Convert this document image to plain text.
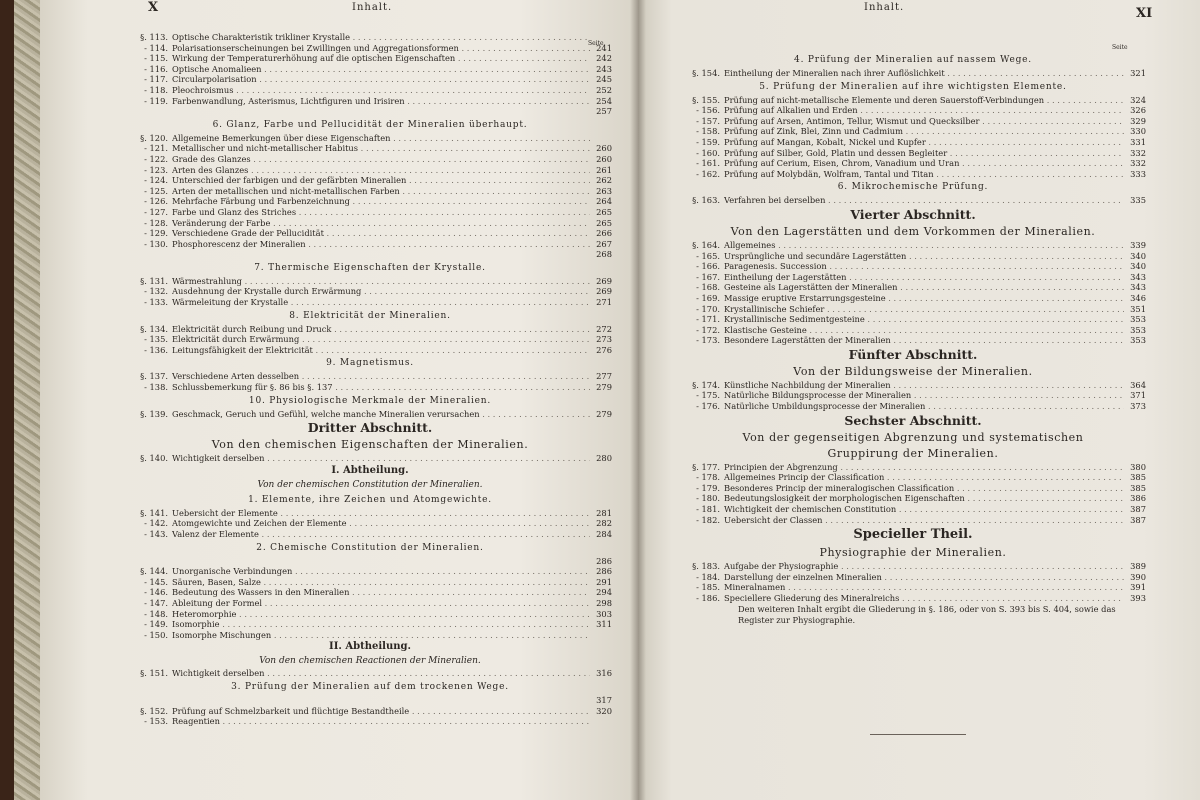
X	Inhalt.
Seite
§. 113. Optische Charakteristik trikliner Krystalle . . .
- 114. Polarisationserscheinungen bei Zwillingen und Aggregationsformen . . .	241
- 115. Wirkung der Temperaturerhöhung auf die optischen Eigenschaften . . .	242
- 116. Optische Anomalieen . . .	243
- 117. Circularpolarisation . . .	245
- 118. Pleochroismus . . .	252
- 119. Farbenwandlung, Asterismus, Lichtfiguren und Irisiren . . .	254
257
6. Glanz, Farbe und Pellucidität der Mineralien überhaupt.
§. 120. Allgemeine Bemerkungen über diese Eigenschaften . . .
- 121. Metallischer und nicht-metallischer Habitus . . .	260
- 122. Grade des Glanzes . . .	260
- 123. Arten des Glanzes . . .	261
- 124. Unterschied der farbigen und der gefärbten Mineralien . . .	262
- 125. Arten der metallischen und nicht-metallischen Farben . . .	263
- 126. Mehrfache Färbung und Farbenzeichnung . . .	264
- 127. Farbe und Glanz des Striches . . .	265
- 128. Veränderung der Farbe . . .	265
- 129. Verschiedene Grade der Pellucidität . . .	266
- 130. Phosphorescenz der Mineralien . . .	267
268
7. Thermische Eigenschaften der Krystalle.
§. 131. Wärmestrahlung . . .	269
- 132. Ausdehnung der Krystalle durch Erwärmung . . .	269
- 133. Wärmeleitung der Krystalle . . .	271
8. Elektricität der Mineralien.
§. 134. Elektricität durch Reibung und Druck . . .	272
- 135. Elektricität durch Erwärmung . . .	273
- 136. Leitungsfähigkeit der Elektricität . . .	276
9. Magnetismus.
§. 137. Verschiedene Arten desselben . . .	277
- 138. Schlussbemerkung für §. 86 bis §. 137 . . .	279
10. Physiologische Merkmale der Mineralien.
§. 139. Geschmack, Geruch und Gefühl, welche manche Mineralien verursachen . . .	279
Dritter Abschnitt.
Von den chemischen Eigenschaften der Mineralien.
§. 140. Wichtigkeit derselben . . .	280
I. Abtheilung.
Von der chemischen Constitution der Mineralien.
1. Elemente, ihre Zeichen und Atomgewichte.
§. 141. Uebersicht der Elemente . . .	281
- 142. Atomgewichte und Zeichen der Elemente . . .	282
- 143. Valenz der Elemente . . .	284
2. Chemische Constitution der Mineralien.
286
§. 144. Unorganische Verbindungen . . .	286
- 145. Säuren, Basen, Salze . . .	291
- 146. Bedeutung des Wassers in den Mineralien . . .	294
- 147. Ableitung der Formel . . .	298
- 148. Heteromorphie . . .	303
- 149. Isomorphie . . .	311
- 150. Isomorphe Mischungen . . .
II. Abtheilung.
Von den chemischen Reactionen der Mineralien.
§. 151. Wichtigkeit derselben . . .	316
3. Prüfung der Mineralien auf dem trockenen Wege.
317
§. 152. Prüfung auf Schmelzbarkeit und flüchtige Bestandtheile . . .	320
- 153. Reagentien . . .
Inhalt.	XI
Seite
4. Prüfung der Mineralien auf nassem Wege.
§. 154. Eintheilung der Mineralien nach ihrer Auflöslichkeit . . .	321
5. Prüfung der Mineralien auf ihre wichtigsten Elemente.
§. 155. Prüfung auf nicht-metallische Elemente und deren Sauerstoff-Verbindungen . . .	324
- 156. Prüfung auf Alkalien und Erden . . .	326
- 157. Prüfung auf Arsen, Antimon, Tellur, Wismut und Quecksilber . . .	329
- 158. Prüfung auf Zink, Blei, Zinn und Cadmium . . .	330
- 159. Prüfung auf Mangan, Kobalt, Nickel und Kupfer . . .	331
- 160. Prüfung auf Silber, Gold, Platin und dessen Begleiter . . .	332
- 161. Prüfung auf Cerium, Eisen, Chrom, Vanadium und Uran . . .	332
- 162. Prüfung auf Molybdän, Wolfram, Tantal und Titan . . .	333
6. Mikrochemische Prüfung.
§. 163. Verfahren bei derselben . . .	335
Vierter Abschnitt.
Von den Lagerstätten und dem Vorkommen der Mineralien.
§. 164. Allgemeines . . .	339
- 165. Ursprüngliche und secundäre Lagerstätten . . .	340
- 166. Paragenesis. Succession . . .	340
- 167. Eintheilung der Lagerstätten . . .	343
- 168. Gesteine als Lagerstätten der Mineralien . . .	343
- 169. Massige eruptive Erstarrungsgesteine . . .	346
- 170. Krystallinische Schiefer . . .	351
- 171. Krystallinische Sedimentgesteine . . .	353
- 172. Klastische Gesteine . . .	353
- 173. Besondere Lagerstätten der Mineralien . . .	353
Fünfter Abschnitt.
Von der Bildungsweise der Mineralien.
§. 174. Künstliche Nachbildung der Mineralien . . .	364
- 175. Natürliche Bildungsprocesse der Mineralien . . .	371
- 176. Natürliche Umbildungsprocesse der Mineralien . . .	373
Sechster Abschnitt.
Von der gegenseitigen Abgrenzung und systematischen
Gruppirung der Mineralien.
§. 177. Principien der Abgrenzung . . .	380
- 178. Allgemeines Princip der Classification . . .	385
- 179. Besonderes Princip der mineralogischen Classification . . .	385
- 180. Bedeutungslosigkeit der morphologischen Eigenschaften . . .	386
- 181. Wichtigkeit der chemischen Constitution . . .	387
- 182. Uebersicht der Classen . . .	387
Specieller Theil.
Physiographie der Mineralien.
§. 183. Aufgabe der Physiographie . . .	389
- 184. Darstellung der einzelnen Mineralien . . .	390
- 185. Mineralnamen . . .	391
- 186. Speciellere Gliederung des Mineralreichs . . .	393
Den weiteren Inhalt ergibt die Gliederung in §. 186, oder von S. 393 bis S. 404, sowie das Register zur Physiographie.
